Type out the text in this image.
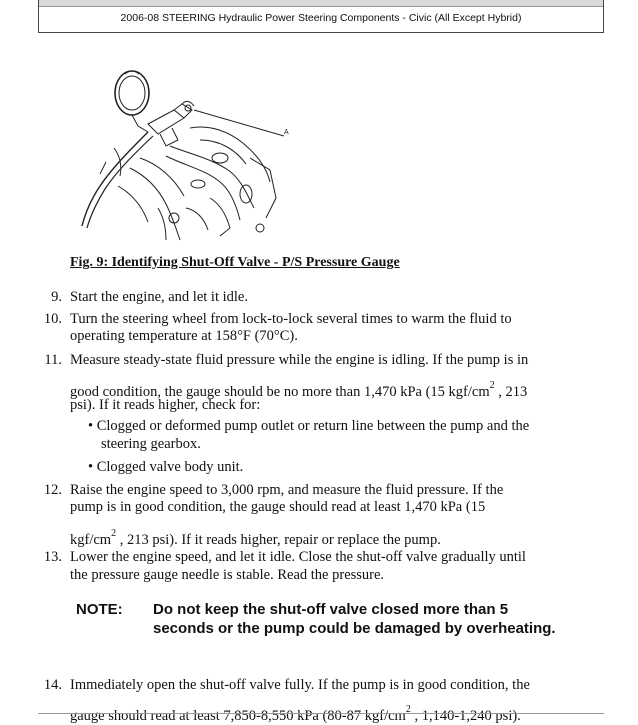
2006-08 STEERING Hydraulic Power Steering Components - Civic (All Except Hybrid)
A
Fig. 9: Identifying Shut-Off Valve - P/S Pressure Gauge
9. Start the engine, and let it idle.
10. Turn the steering wheel from lock-to-lock several times to warm the fluid to
operating temperature at 158°F (70°C).
11. Measure steady-state fluid pressure while the engine is idling. If the pump is in
good condition, the gauge should be no more than 1,470 kPa (15 kgf/$cm^2$ , 213
psi). If it reads higher, check for:
• Clogged or deformed pump outlet or return line between the pump and the
steering gearbox.
• Clogged valve body unit.
12. Raise the engine speed to 3,000 rpm, and measure the fluid pressure. If the
pump is in good condition, the gauge should read at least 1,470 kPa (15
kgf/$cm^2$ , 213 psi). If it reads higher, repair or replace the pump.
13. Lower the engine speed, and let it idle. Close the shut-off valve gradually until
the pressure gauge needle is stable. Read the pressure.
NOTE: Do not keep the shut-off valve closed more than 5 seconds or the pump could be damaged by overheating.
14. Immediately open the shut-off valve fully. If the pump is in good condition, the
gauge should read at least 7,850-8,550 kPa (80-87 kgf/$cm^2$ , 1,140-1,240 psi).
